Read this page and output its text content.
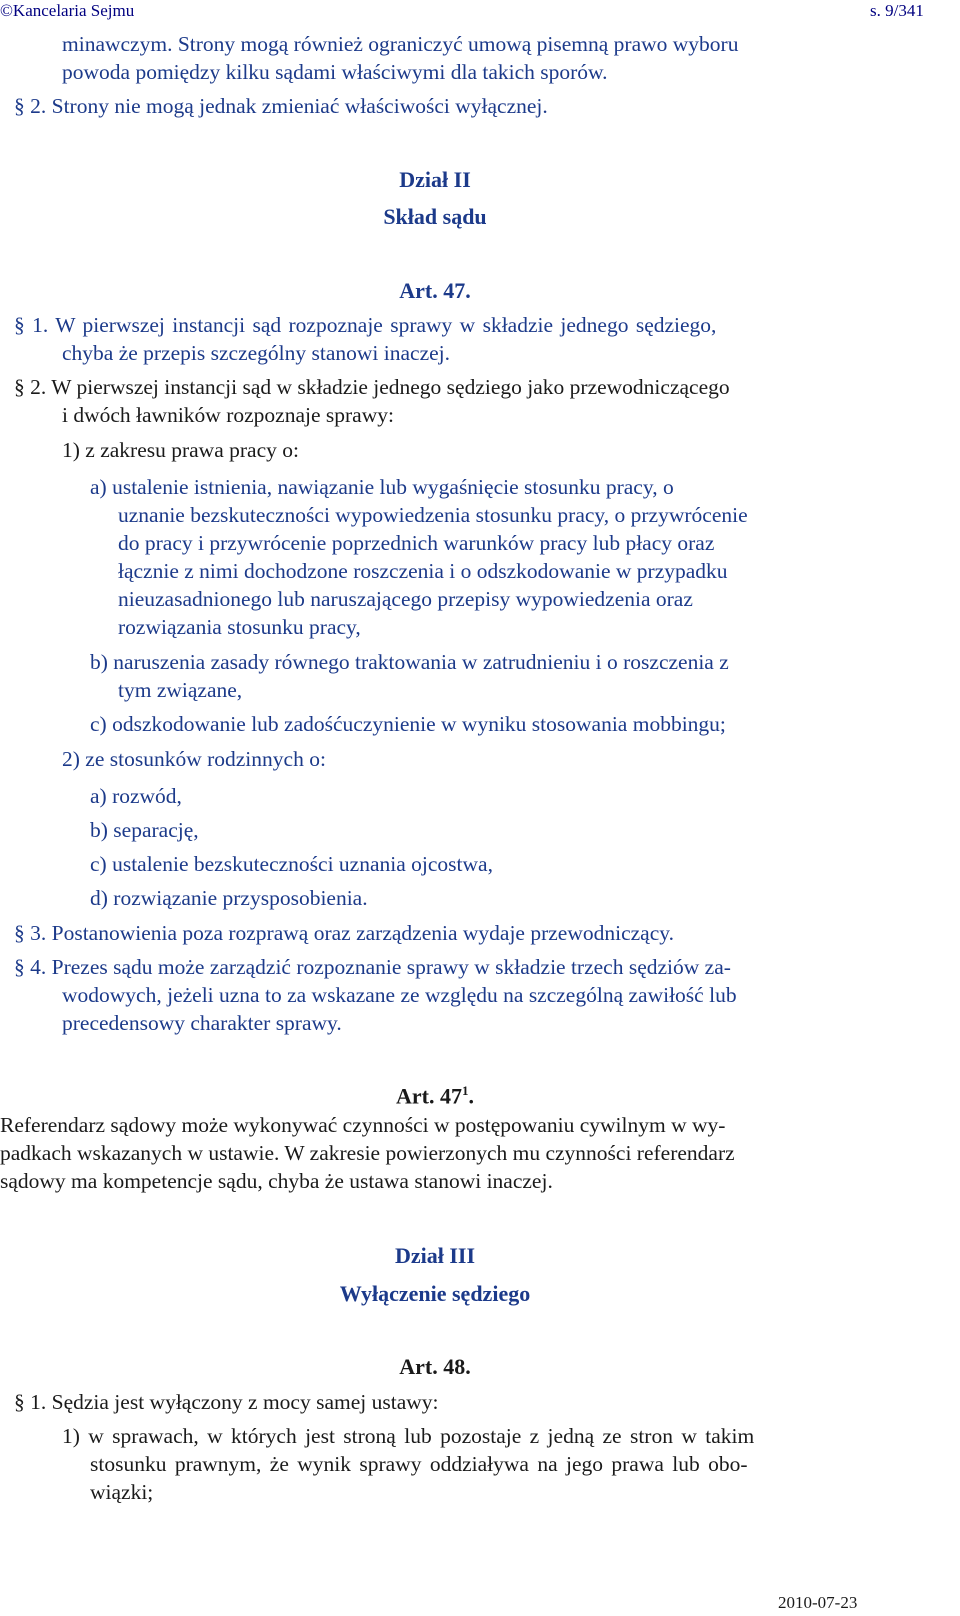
©Kancelaria Sejmu	s. 9/341
minawczym. Strony mogą również ograniczyć umową pisemną prawo wyboru
powoda pomiędzy kilku sądami właściwymi dla takich sporów.
§ 2. Strony nie mogą jednak zmieniać właściwości wyłącznej.
Dział II
Skład sądu
Art. 47.
§ 1. W pierwszej instancji sąd rozpoznaje sprawy w składzie jednego sędziego,
chyba że przepis szczególny stanowi inaczej.
§ 2. W pierwszej instancji sąd w składzie jednego sędziego jako przewodniczącego
i dwóch ławników rozpoznaje sprawy:
1) z zakresu prawa pracy o:
a) ustalenie istnienia, nawiązanie lub wygaśnięcie stosunku pracy, o
uznanie bezskuteczności wypowiedzenia stosunku pracy, o przywrócenie
do pracy i przywrócenie poprzednich warunków pracy lub płacy oraz
łącznie z nimi dochodzone roszczenia i o odszkodowanie w przypadku
nieuzasadnionego lub naruszającego przepisy wypowiedzenia oraz
rozwiązania stosunku pracy,
b) naruszenia zasady równego traktowania w zatrudnieniu i o roszczenia z
tym związane,
c) odszkodowanie lub zadośćuczynienie w wyniku stosowania mobbingu;
2) ze stosunków rodzinnych o:
a) rozwód,
b) separację,
c) ustalenie bezskuteczności uznania ojcostwa,
d) rozwiązanie przysposobienia.
§ 3. Postanowienia poza rozprawą oraz zarządzenia wydaje przewodniczący.
§ 4. Prezes sądu może zarządzić rozpoznanie sprawy w składzie trzech sędziów za-
wodowych, jeżeli uzna to za wskazane ze względu na szczególną zawiłość lub
precedensowy charakter sprawy.
Art. $47^1$.
Referendarz sądowy może wykonywać czynności w postępowaniu cywilnym w wy-
padkach wskazanych w ustawie. W zakresie powierzonych mu czynności referendarz
sądowy ma kompetencje sądu, chyba że ustawa stanowi inaczej.
Dział III
Wyłączenie sędziego
Art. 48.
§ 1. Sędzia jest wyłączony z mocy samej ustawy:
1) w sprawach, w których jest stroną lub pozostaje z jedną ze stron w takim
stosunku prawnym, że wynik sprawy oddziaływa na jego prawa lub obo-
wiązki;
2010-07-23
